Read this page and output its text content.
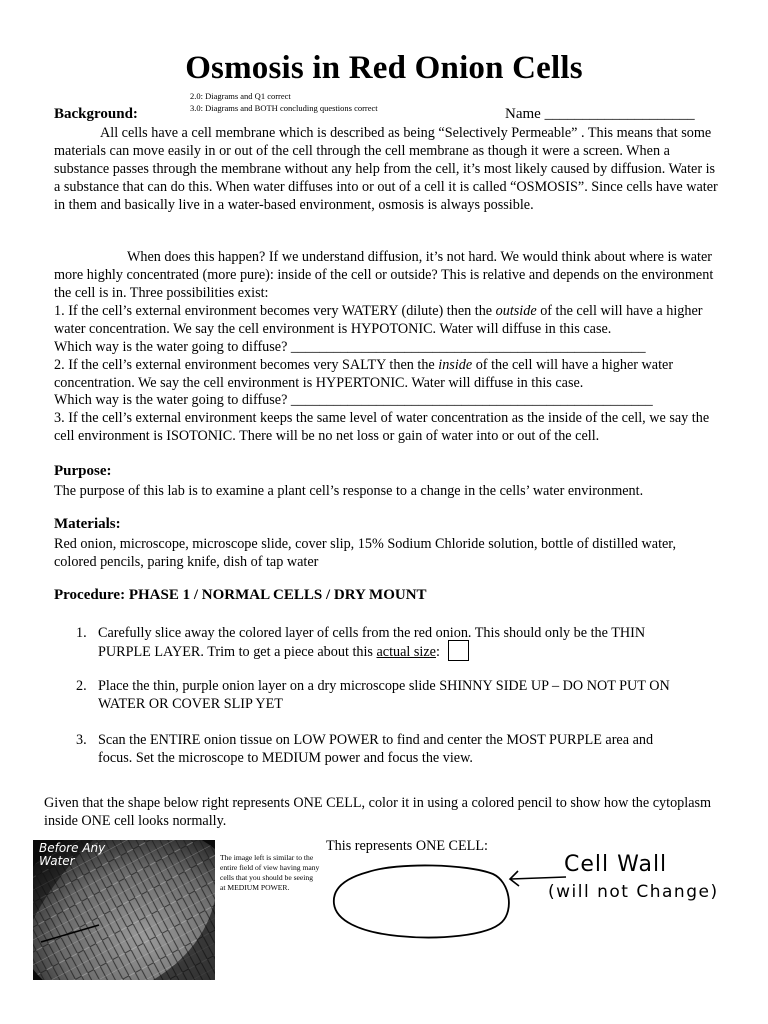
Osmosis in Red Onion Cells
2.0: Diagrams and Q1 correct
3.0: Diagrams and BOTH concluding questions correct
Background:	Name ____________________
All cells have a cell membrane which is described as being “Selectively Permeable” . This means that some materials can move easily in or out of the cell through the cell membrane as though it were a screen. When a substance passes through the membrane without any help from the cell, it’s most likely caused by diffusion. Water is a substance that can do this. When water diffuses into or out of a cell it is called “OSMOSIS”. Since cells have water in them and basically live in a water-based environment, osmosis is always possible.
When does this happen? If we understand diffusion, it’s not hard. We would think about where is water more highly concentrated (more pure): inside of the cell or outside? This is relative and depends on the environment the cell is in. Three possibilities exist:
1. If the cell’s external environment becomes very WATERY (dilute) then the outside of the cell will have a higher water concentration. We say the cell environment is HYPOTONIC. Water will diffuse in this case.
Which way is the water going to diffuse? __________________________________________________
2. If the cell’s external environment becomes very SALTY then the inside of the cell will have a higher water concentration. We say the cell environment is HYPERTONIC. Water will diffuse in this case.
Which way is the water going to diffuse? ___________________________________________________
3. If the cell’s external environment keeps the same level of water concentration as the inside of the cell, we say the cell environment is ISOTONIC. There will be no net loss or gain of water into or out of the cell.
Purpose:
The purpose of this lab is to examine a plant cell’s response to a change in the cells’ water environment.
Materials:
Red onion, microscope, microscope slide, cover slip, 15% Sodium Chloride solution, bottle of distilled water, colored pencils, paring knife, dish of tap water
Procedure: PHASE 1 / NORMAL CELLS / DRY MOUNT
1. Carefully slice away the colored layer of cells from the red onion. This should only be the THIN
PURPLE LAYER. Trim to get a piece about this actual size:
2. Place the thin, purple onion layer on a dry microscope slide SHINNY SIDE UP – DO NOT PUT ON
WATER OR COVER SLIP YET
3. Scan the ENTIRE onion tissue on LOW POWER to find and center the MOST PURPLE area and
focus. Set the microscope to MEDIUM power and focus the view.
Given that the shape below right represents ONE CELL, color it in using a colored pencil to show how the cytoplasm inside ONE cell looks normally.
Before Any Water	The image left is similar to the entire field of view having many cells that you should be seeing at MEDIUM POWER.
This represents ONE CELL:
Cell Wall
(will not Change)
